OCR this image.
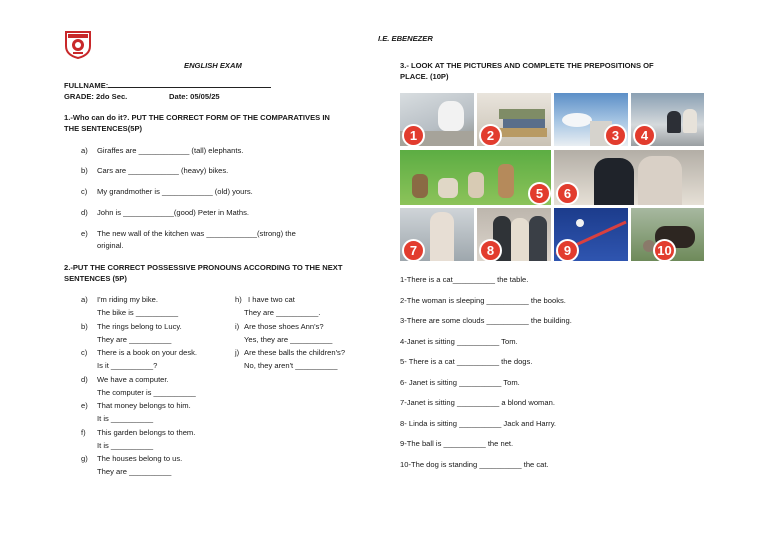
I.E. EBENEZER
ENGLISH EXAM
FULLNAME:
GRADE: 2do Sec.	Date: 05/05/25
1.-Who can do it?. PUT THE CORRECT FORM OF THE COMPARATIVES IN
THE SENTENCES(5P)
a) Giraffes are ____________ (tall) elephants.
b) Cars are ____________ (heavy) bikes.
c) My grandmother is ____________ (old) yours.
d) John is ____________(good) Peter in Maths.
e) The new wall of the kitchen was ____________(strong) the
original.
2.-PUT THE CORRECT POSSESSIVE PRONOUNS ACCORDING TO THE NEXT
SENTENCES (5P)
a) I'm riding my bike.
The bike is __________
b) The rings belong to Lucy.
They are __________
c) There is a book on your desk.
Is it __________?
d) We have a computer.
The computer is __________
e) That money belongs to him.
It is __________
f) This garden belongs to them.
It is __________
g) The houses belong to us.
They are __________
h) I have two cat
They are __________.
i) Are those shoes Ann's?
Yes, they are __________
j) Are these balls the children's?
No, they aren't __________
3.- LOOK AT THE PICTURES AND COMPLETE THE PREPOSITIONS OF
PLACE. (10P)
1	2	3	4
5	6
7	8	9	10
1-There is a cat__________ the table.
2-The woman is sleeping __________ the books.
3-There are some clouds __________ the building.
4-Janet is sitting __________ Tom.
5- There is a cat __________ the dogs.
6- Janet is sitting __________ Tom.
7-Janet is sitting __________ a blond woman.
8- Linda is sitting __________ Jack and Harry.
9-The ball is __________ the net.
10-The dog is standing __________ the cat.
